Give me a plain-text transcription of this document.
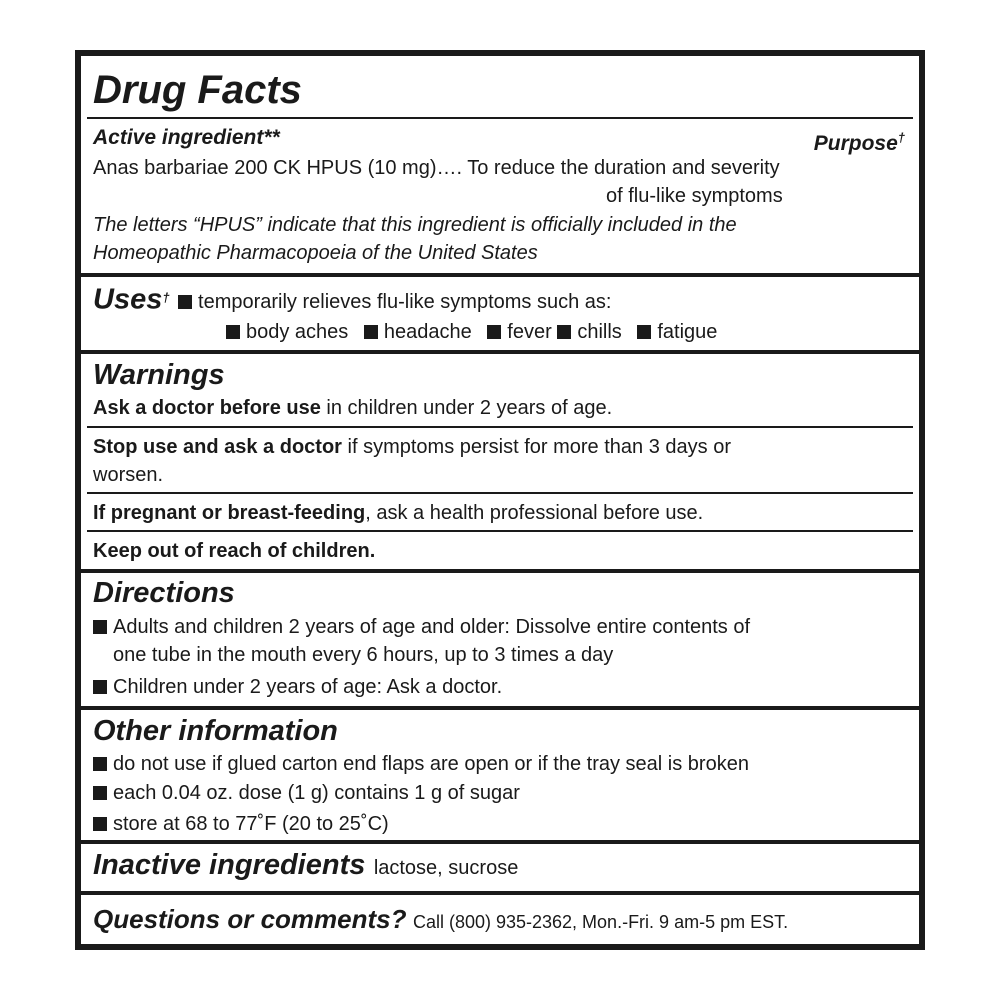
Drug Facts
Active ingredient**	Purpose†
Anas barbariae 200 CK HPUS (10 mg)…. To reduce the duration and severity
of flu-like symptoms
The letters “HPUS” indicate that this ingredient is officially included in the
Homeopathic Pharmacopoeia of the United States
Uses† temporarily relieves flu-like symptoms such as:
body aches headache fever chills fatigue
Warnings
Ask a doctor before use in children under 2 years of age.
Stop use and ask a doctor if symptoms persist for more than 3 days or
worsen.
If pregnant or breast-feeding, ask a health professional before use.
Keep out of reach of children.
Directions
Adults and children 2 years of age and older: Dissolve entire contents of
one tube in the mouth every 6 hours, up to 3 times a day
Children under 2 years of age: Ask a doctor.
Other information
do not use if glued carton end flaps are open or if the tray seal is broken
each 0.04 oz. dose (1 g) contains 1 g of sugar
store at 68 to 77˚F (20 to 25˚C)
Inactive ingredients lactose, sucrose
Questions or comments? Call (800) 935-2362, Mon.-Fri. 9 am-5 pm EST.
